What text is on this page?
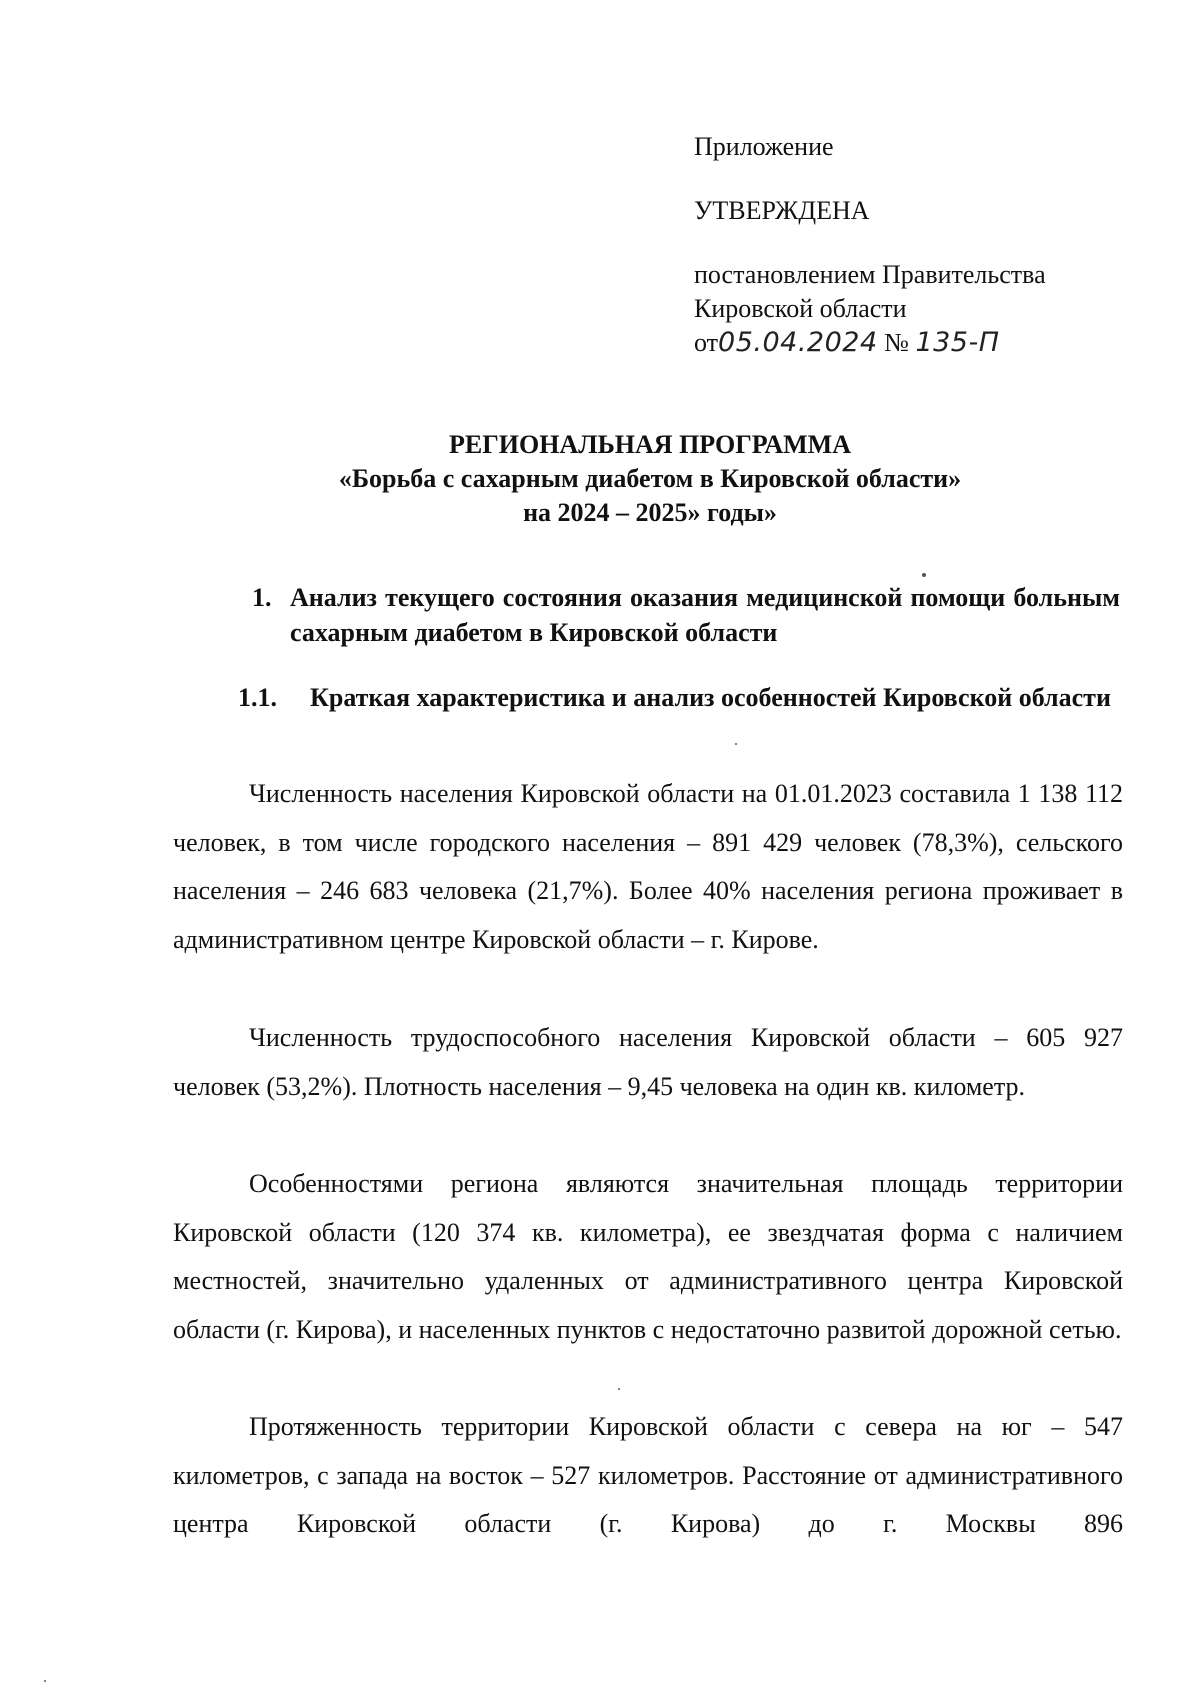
Приложение
УТВЕРЖДЕНА
постановлением Правительства
Кировской области
от05.04.2024 № 135-П
РЕГИОНАЛЬНАЯ ПРОГРАММА
«Борьба с сахарным диабетом в Кировской области»
на 2024 – 2025» годы»
1. Анализ текущего состояния оказания медицинской помощи больным сахарным диабетом в Кировской области
1.1. Краткая характеристика и анализ особенностей Кировской области
Численность населения Кировской области на 01.01.2023 составила 1 138 112 человек, в том числе городского населения – 891 429 человек (78,3%), сельского населения – 246 683 человека (21,7%). Более 40% населения региона проживает в административном центре Кировской области – г. Кирове.
Численность трудоспособного населения Кировской области – 605 927 человек (53,2%). Плотность населения – 9,45 человека на один кв. километр.
Особенностями региона являются значительная площадь территории Кировской области (120 374 кв. километра), ее звездчатая форма с наличием местностей, значительно удаленных от административного центра Кировской области (г. Кирова), и населенных пунктов с недостаточно развитой дорожной сетью.
Протяженность территории Кировской области с севера на юг – 547 километров, с запада на восток – 527 километров. Расстояние от административного центра Кировской области (г. Кирова) до г. Москвы 896
